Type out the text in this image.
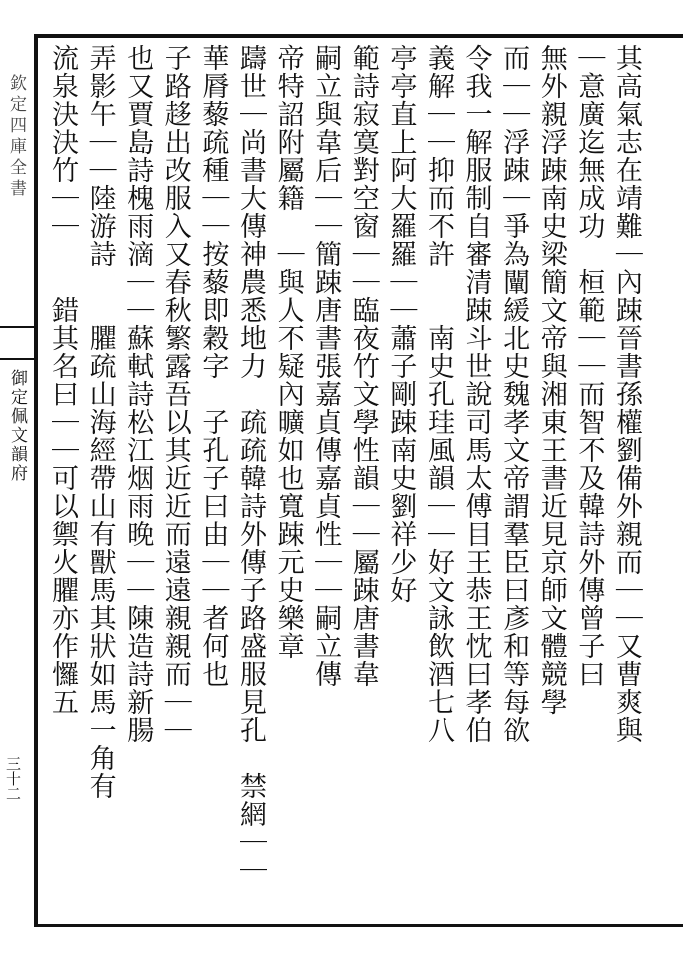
欽定四庫全書
御定佩文韻府
三十二
其高氣志在靖難｜內踈晉書孫權劉備外親而｜｜又曹爽與
｜意廣迄無成功　桓範｜｜而智不及韓詩外傳曾子曰
無外親浮踈南史梁簡文帝與湘東王書近見京師文體競學
而｜｜浮踈｜爭為闡緩北史魏孝文帝謂羣臣曰彥和等每欲
令我一解服制自審清踈斗世說司馬太傅目王恭王忱曰孝伯
義解｜｜抑而不許　　南史孔珪風韻｜｜好文詠飲酒七八
亭亭直上阿大羅羅｜｜蕭子剛踈南史劉祥少好
範詩寂寞對空窗｜｜臨夜竹文學性韻｜｜屬踈唐書韋
嗣立與韋后｜｜簡踈唐書張嘉貞傳嘉貞性｜｜嗣立傳
帝特詔附屬籍　｜與人不疑內曠如也寬踈元史樂章
躊世｜尚書大傳神農悉地力　疏疏韓詩外傳子路盛服見孔　禁網｜｜
華脣藜疏種｜｜按藜即穀字　子孔子曰由｜｜者何也
子路趍出改服入又春秋繁露吾以其近近而遠遠親親而｜｜
也又賈島詩槐雨滴｜｜蘇軾詩松江烟雨晚｜｜陳造詩新腸
弄影午｜｜陸游詩　　臞疏山海經帶山有獸馬其狀如馬一角有
流泉決決竹｜｜　　錯其名曰｜｜可以禦火臞亦作㦬五
